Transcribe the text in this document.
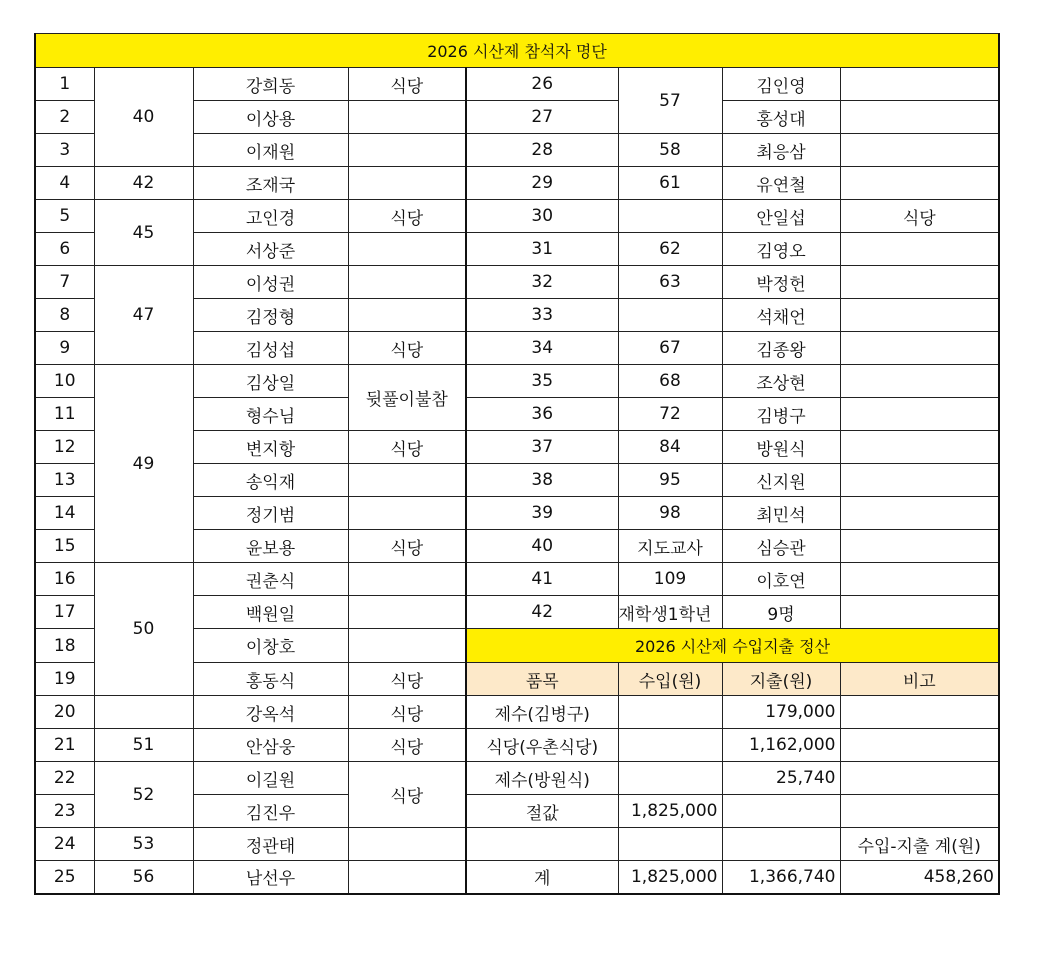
2026 시산제 참석자 명단							
1	40	강희동	식당	26	57	김인영	
2		이상용		27		홍성대	
3		이재원		28	58	최응삼	
4	42	조재국		29	61	유연철	
5	45	고인경	식당	30		안일섭	식당
6		서상준		31	62	김영오	
7	47	이성권		32	63	박정헌	
8		김정형		33		석채언	
9		김성섭	식당	34	67	김종왕	
10	49	김상일	뒷풀이불참	35	68	조상현	
11		형수님		36	72	김병구	
12		변지항	식당	37	84	방원식	
13		송익재		38	95	신지원	
14		정기범		39	98	최민석	
15		윤보용	식당	40	지도교사	심승관	
16	50	권춘식		41	109	이호연	
17		백원일		42	재학생1학년	9명	
18		이창호		2026 시산제 수입지출 정산			
19		홍동식	식당	품목	수입(원)	지출(원)	비고
20		강옥석	식당	제수(김병구)		179,000	
21	51	안삼웅	식당	식당(우촌식당)		1,162,000	
22	52	이길원	식당	제수(방원식)		25,740	
23		김진우		절값	1,825,000		
24	53	정관태					수입-지출 계(원)
25	56	남선우		계	1,825,000	1,366,740	458,260
